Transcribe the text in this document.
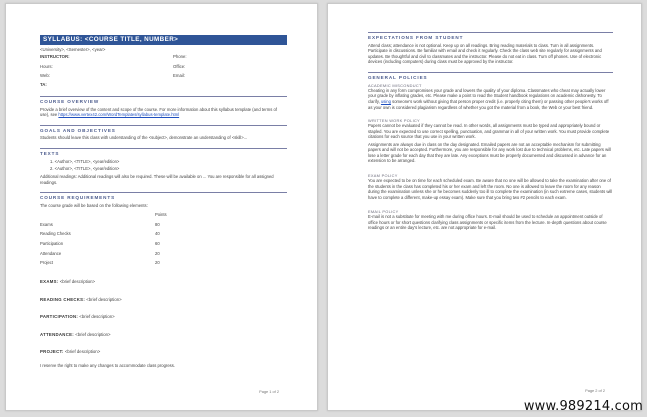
SYLLABUS: <COURSE TITLE, NUMBER>
<University>, <Semester>, <year>
INSTRUCTOR:	Phone:
Hours:	Office:
Web:	Email:
TA:
COURSE OVERVIEW
Provide a brief overview of the content and scope of the course. For more information about this syllabus template (and terms of use), see https://www.vertex42.com/WordTemplates/syllabus-template.html
GOALS AND OBJECTIVES
Students should leave this class with understanding of the <subject>, demonstrate an understanding of <skill>...
TEXTS
1. <Author>, <TITLE>, <year/edition>
2. <Author>, <TITLE>, <year/edition>
Additional readings: Additional readings will also be required. These will be available on ... You are responsible for all assigned readings.
COURSE REQUIREMENTS
The course grade will be based on the following elements:
Points
Exams	80
Reading Checks	40
Participation	60
Attendance	20
Project	20
EXAMS: <brief description>
READING CHECKS: <brief description>
PARTICIPATION: <brief description>
ATTENDANCE: <brief description>
PROJECT: <brief description>
I reserve the right to make any changes to accommodate class progress.
Page 1 of 2
EXPECTATIONS FROM STUDENT
Attend class; attendance is not optional. Keep up on all readings. Bring reading materials to class. Turn in all assignments. Participate in discussions. Be familiar with email and check it regularly. Check the class web site regularly for assignments and updates. Be thoughtful and civil to classmates and the instructor. Please do not eat in class. Turn off phones. Use of electronic devices (including computers) during class must be approved by the instructor.
GENERAL POLICIES
ACADEMIC MISCONDUCT
Cheating in any form compromises your grade and lowers the quality of your diploma. Classmates who cheat may actually lower your grade by inflating grades, etc. Please make a point to read the Student handbook regulations on academic dishonesty. To clarify, using someone's work without giving that person proper credit (i.e. properly citing them) or passing other people's works off as your own is considered plagiarism regardless of whether you got the material from a book, the Web or your best friend.
WRITTEN WORK POLICY
Papers cannot be evaluated if they cannot be read. In other words, all assignments must be typed and appropriately bound or stapled. You are expected to use correct spelling, punctuation, and grammar in all of your written work. You must provide complete citations for each source that you use in your written work.
Assignments are always due in class on the day designated. Emailed papers are not an acceptable mechanism for submitting papers and will not be accepted. Furthermore, you are responsible for any work lost due to technical problems, etc. Late papers will lose a letter grade for each day that they are late. Any exceptions must be properly documented and discussed in advance for an extension to be arranged.
EXAM POLICY
You are expected to be on time for each scheduled exam. Be aware that no one will be allowed to take the examination after one of the students in the class has completed his or her exam and left the room. No one is allowed to leave the room for any reason during the examination unless she or he becomes suddenly too ill to complete the examination (in such extreme cases, students will have to complete a different, make-up essay exam). Make sure that you bring two #2 pencils to each exam.
EMAIL POLICY
E-mail is not a substitute for meeting with me during office hours. E-mail should be used to schedule an appointment outside of office hours or for short questions clarifying class assignments or specific items from the lecture. In-depth questions about course readings or an entire day's lecture, etc. are not appropriate for e-mail.
Page 2 of 2
www.989214.com
